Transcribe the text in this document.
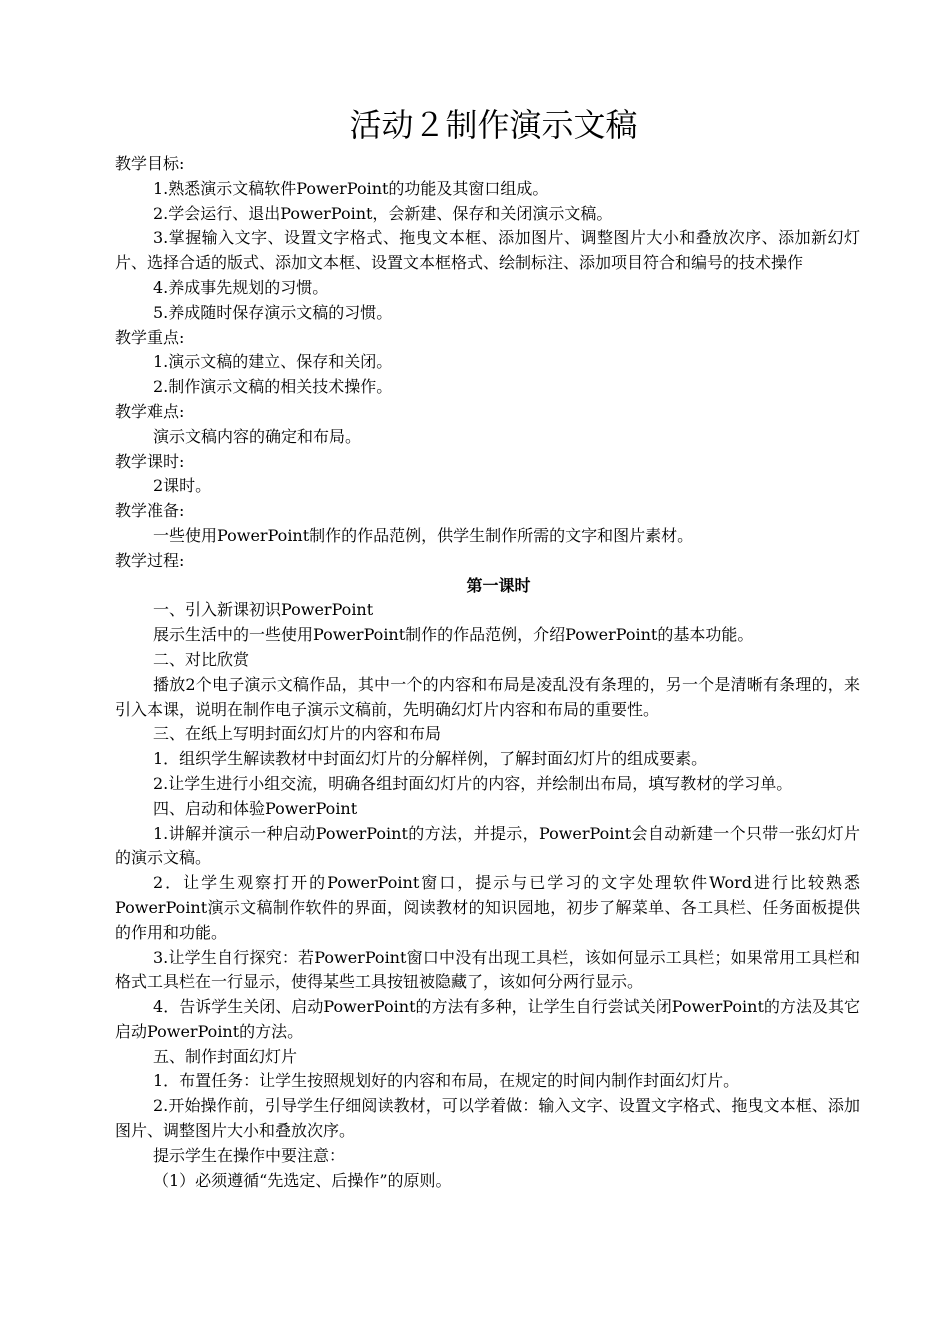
活动２制作演示文稿

教学目标:

1.熟悉演示文稿软件PowerPoint的功能及其窗口组成。

2.学会运行、退出PowerPoint，会新建、保存和关闭演示文稿。

3.掌握输入文字、设置文字格式、拖曳文本框、添加图片、调整图片大小和叠放次序、添加新幻灯片、选择合适的版式、添加文本框、设置文本框格式、绘制标注、添加项目符合和编号的技术操作

4.养成事先规划的习惯。

5.养成随时保存演示文稿的习惯。

教学重点:

1.演示文稿的建立、保存和关闭。

2.制作演示文稿的相关技术操作。

教学难点:

演示文稿内容的确定和布局。

教学课时:

2课时。

教学准备:

一些使用PowerPoint制作的作品范例，供学生制作所需的文字和图片素材。

教学过程:

第一课时

一、引入新课初识PowerPoint

展示生活中的一些使用PowerPoint制作的作品范例，介绍PowerPoint的基本功能。

二、对比欣赏

播放2个电子演示文稿作品，其中一个的内容和布局是凌乱没有条理的，另一个是清晰有条理的，来引入本课，说明在制作电子演示文稿前，先明确幻灯片内容和布局的重要性。

三、在纸上写明封面幻灯片的内容和布局

1．组织学生解读教材中封面幻灯片的分解样例，了解封面幻灯片的组成要素。

2.让学生进行小组交流，明确各组封面幻灯片的内容，并绘制出布局，填写教材的学习单。

四、启动和体验PowerPoint

1.讲解并演示一种启动PowerPoint的方法，并提示，PowerPoint会自动新建一个只带一张幻灯片的演示文稿。

2．让学生观察打开的PowerPoint窗口，提示与已学习的文字处理软件Word进行比较熟悉PowerPoint演示文稿制作软件的界面，阅读教材的知识园地，初步了解菜单、各工具栏、任务面板提供的作用和功能。

3.让学生自行探究：若PowerPoint窗口中没有出现工具栏，该如何显示工具栏；如果常用工具栏和格式工具栏在一行显示，使得某些工具按钮被隐藏了，该如何分两行显示。

4．告诉学生关闭、启动PowerPoint的方法有多种，让学生自行尝试关闭PowerPoint的方法及其它启动PowerPoint的方法。

五、制作封面幻灯片

1．布置任务：让学生按照规划好的内容和布局，在规定的时间内制作封面幻灯片。

2.开始操作前，引导学生仔细阅读教材，可以学着做：输入文字、设置文字格式、拖曳文本框、添加图片、调整图片大小和叠放次序。

提示学生在操作中要注意：

（1）必须遵循“先选定、后操作”的原则。
